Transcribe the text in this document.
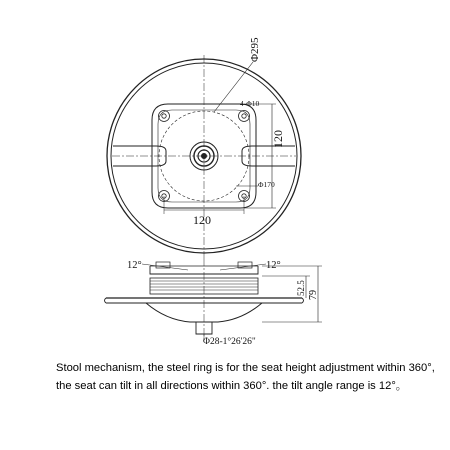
Φ295
4-Φ10
120
Φ170
120
12°	12°
52.5 79
Φ28-1°26'26"
Stool mechanism, the steel ring is for the seat height adjustment within 360°,
the seat can tilt in all directions within 360°. the tilt angle range is 12°。
